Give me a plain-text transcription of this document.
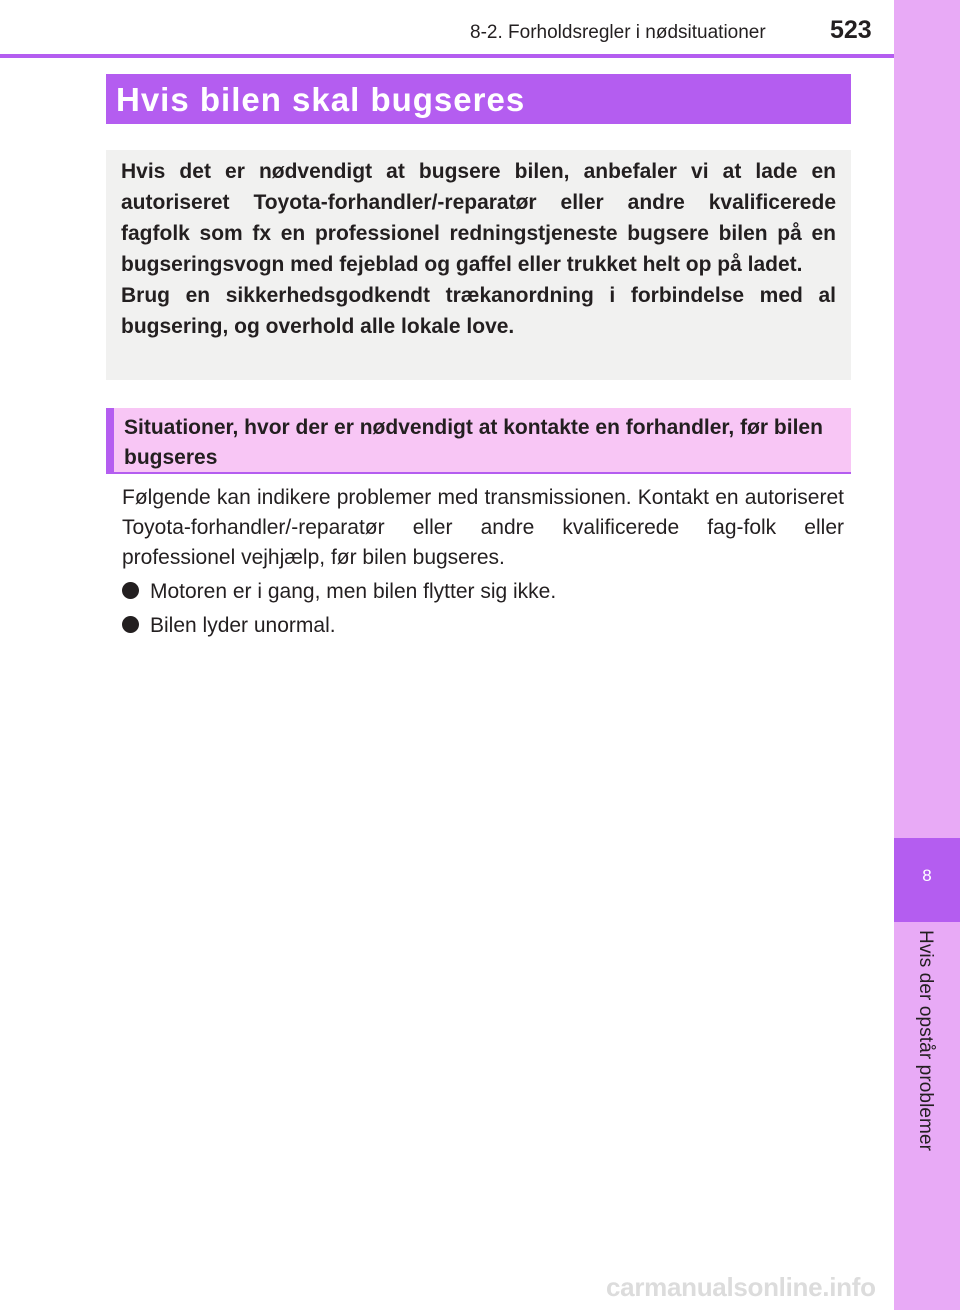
8
Hvis der opstår problemer
8-2. Forholdsregler i nødsituationer	523
Hvis bilen skal bugseres

Hvis det er nødvendigt at bugsere bilen, anbefaler vi at lade en autoriseret Toyota-forhandler/-reparatør eller andre kvalificerede fagfolk som fx en professionel redningstjeneste bugsere bilen på en bugseringsvogn med fejeblad og gaffel eller trukket helt op på ladet.

Brug en sikkerhedsgodkendt trækanordning i forbindelse med al bugsering, og overhold alle lokale love.

Situationer, hvor der er nødvendigt at kontakte en forhandler, før bilen bugseres

Følgende kan indikere problemer med transmissionen. Kontakt en autoriseret Toyota-forhandler/-reparatør eller andre kvalificerede fag-folk eller professionel vejhjælp, før bilen bugseres.

Motoren er i gang, men bilen flytter sig ikke.
Bilen lyder unormal.
carmanualsonline.info
